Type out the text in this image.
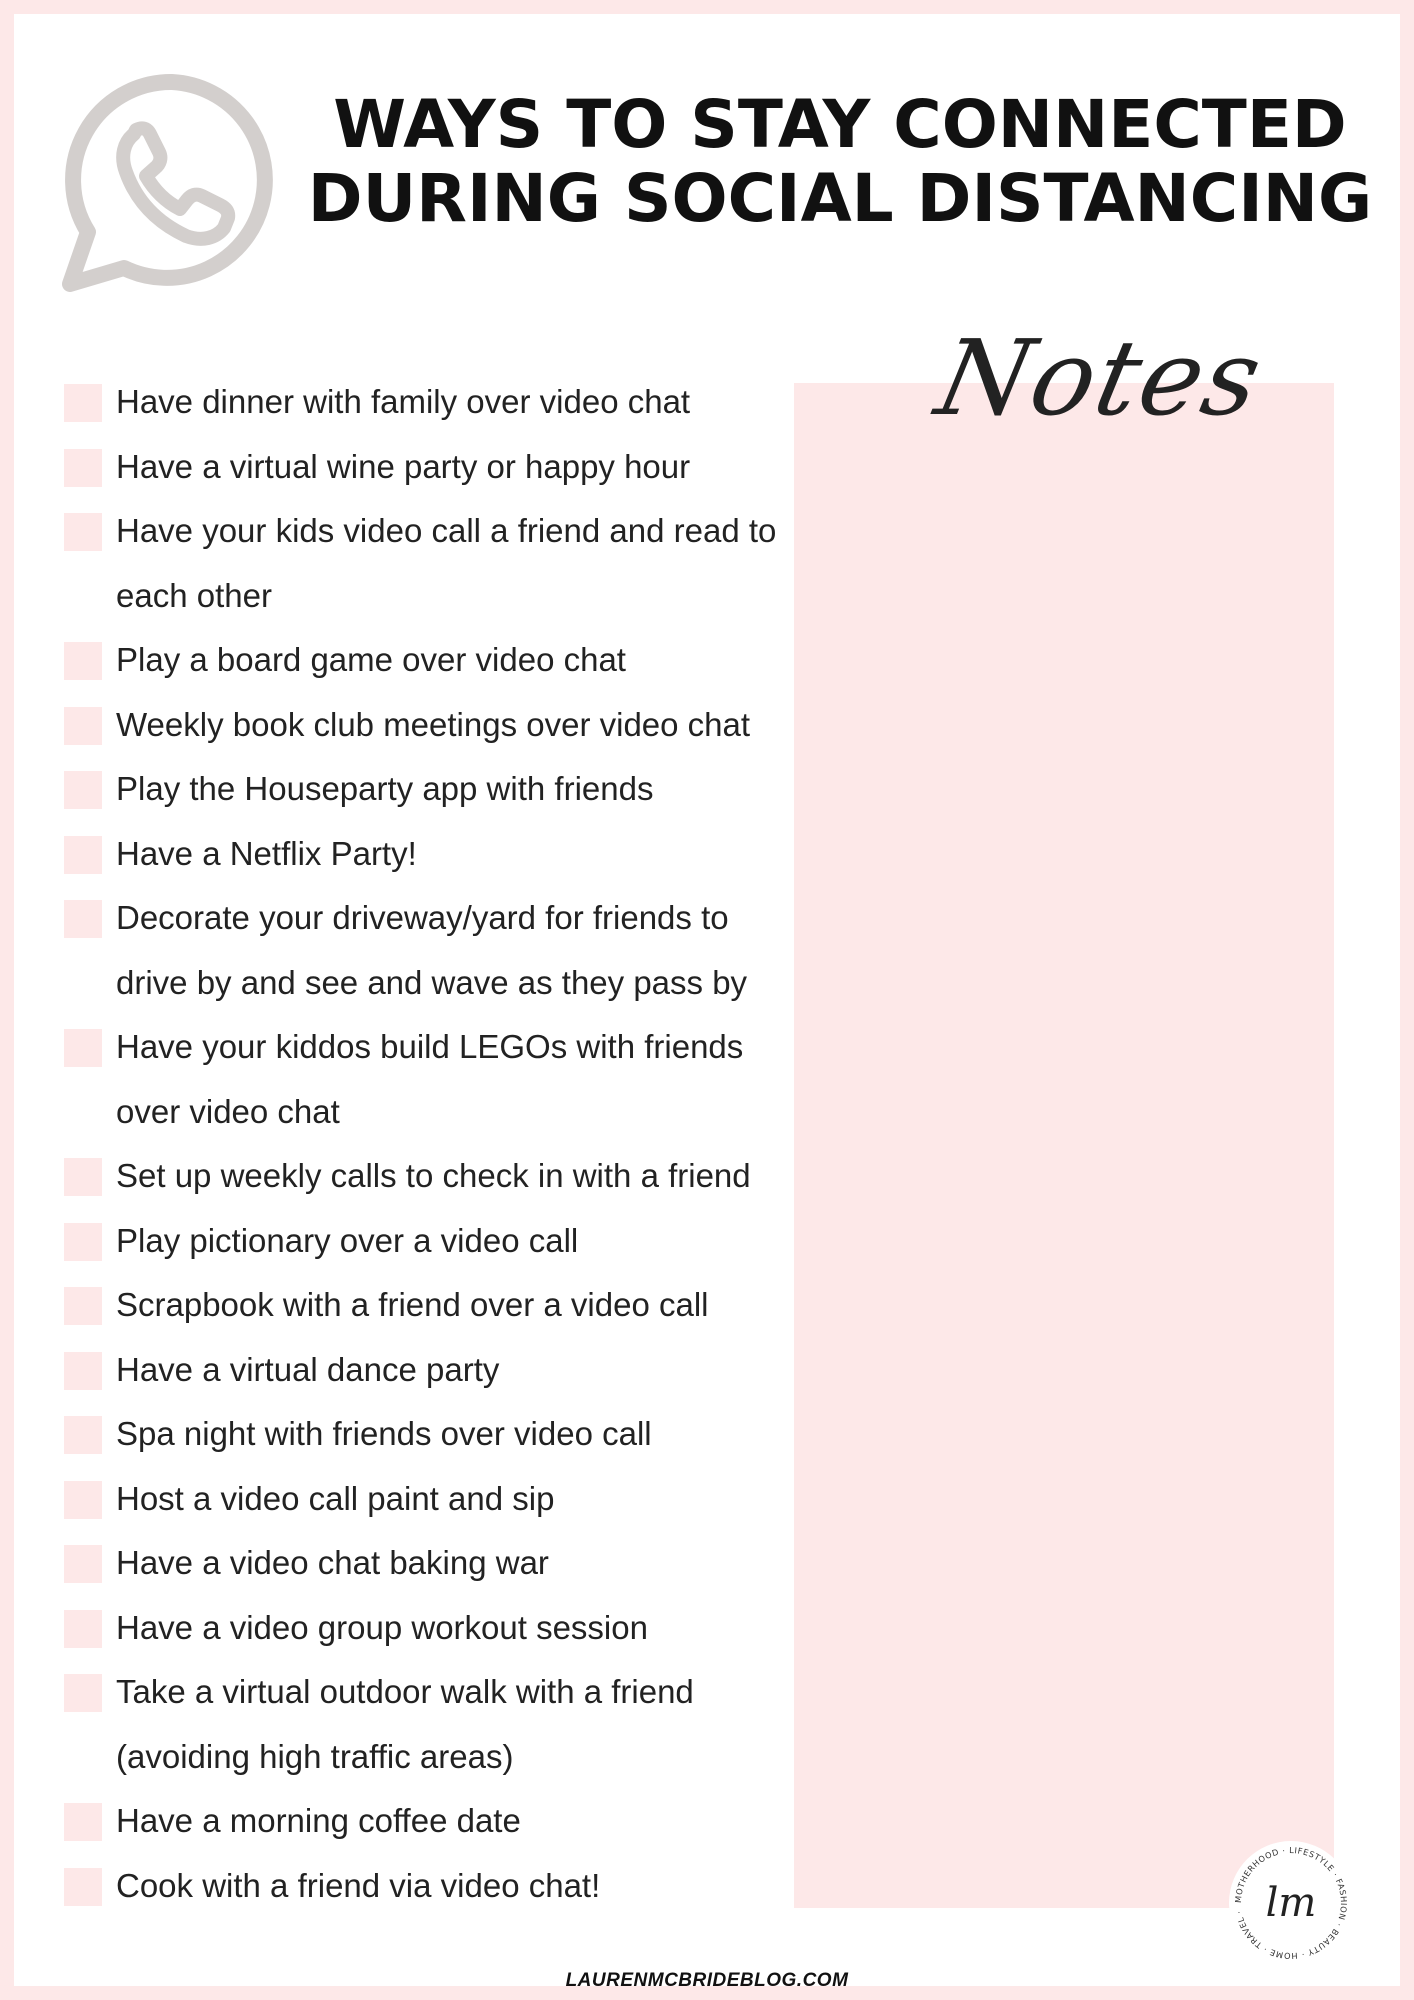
WAYS TO STAY CONNECTED
DURING SOCIAL DISTANCING
Notes
Have dinner with family over video chat
Have a virtual wine party or happy hour
Have your kids video call a friend and read to each other
Play a board game over video chat
Weekly book club meetings over video chat
Play the Houseparty app with friends
Have a Netflix Party!
Decorate your driveway/yard for friends to drive by and see and wave as they pass by
Have your kiddos build LEGOs with friends over video chat
Set up weekly calls to check in with a friend
Play pictionary over a video call
Scrapbook with a friend over a video call
Have a virtual dance party
Spa night with friends over video call
Host a video call paint and sip
Have a video chat baking war
Have a video group workout session
Take a virtual outdoor walk with a friend (avoiding high traffic areas)
Have a morning coffee date
Cook with a friend via video chat!	MOTHERHOOD · LIFESTYLE · FASHION · BEAUTY · HOME · TRAVEL · lm
LAURENMCBRIDEBLOG.COM
